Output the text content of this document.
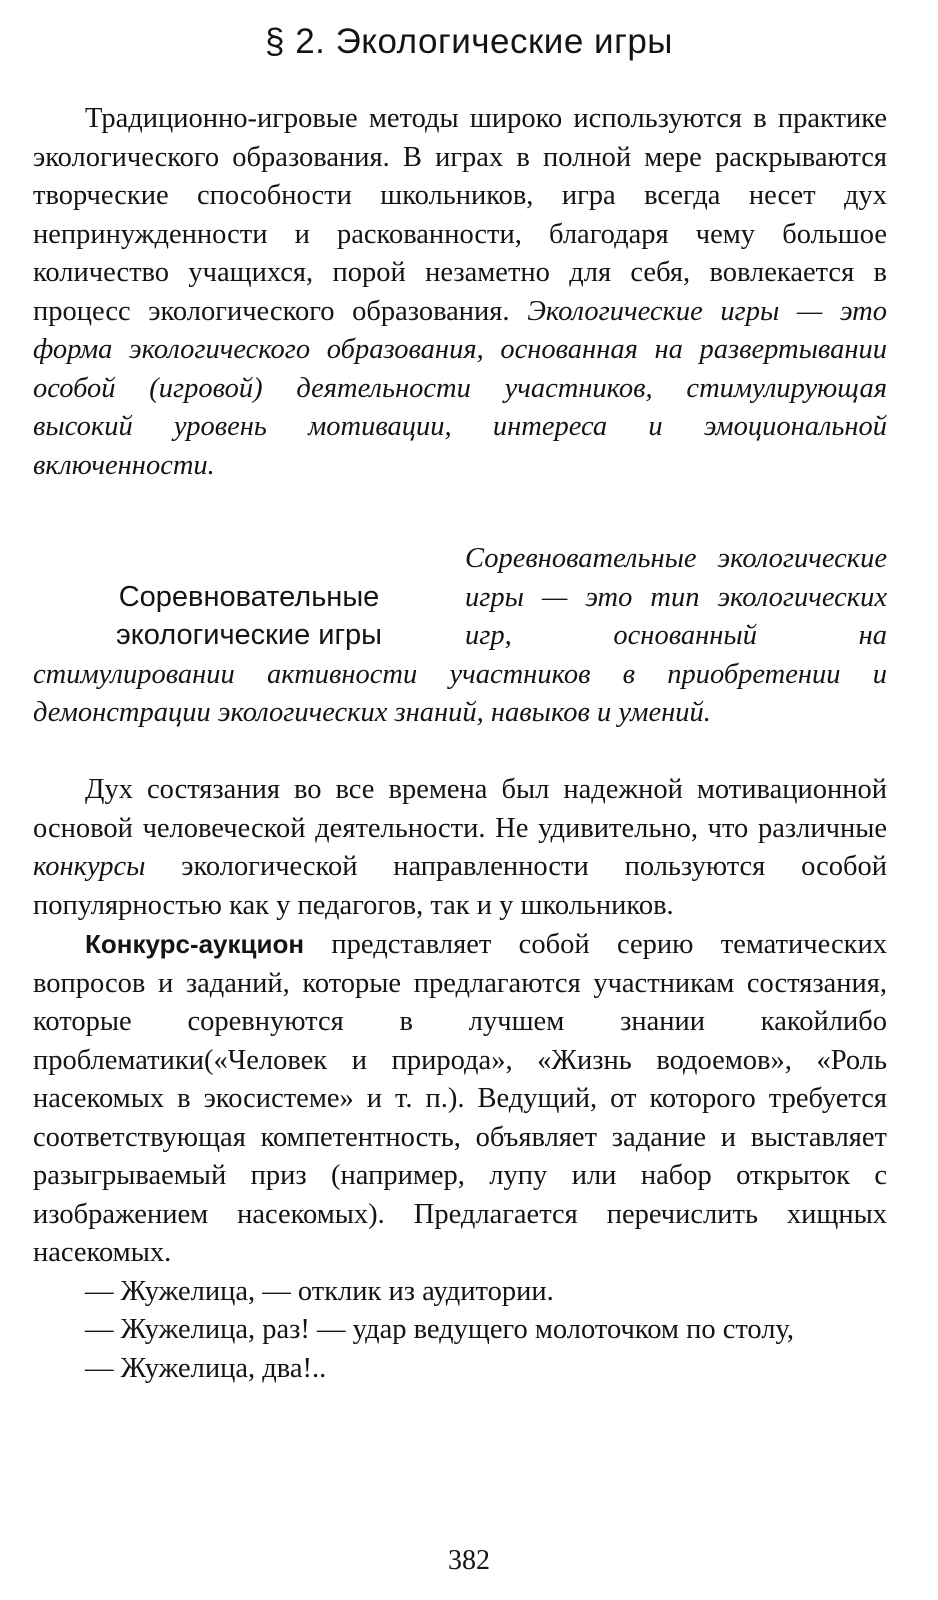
§ 2. Экологические игры

Традиционно-игровые методы широко используются в практике экологического образования. В играх в полной мере раскрываются творческие способности школьников, игра всегда несет дух непринужденности и раскованности, благодаря чему большое количество учащихся, порой незаметно для себя, вовлекается в процесс экологического образования. Экологические игры — это форма экологического образования, основанная на развертывании особой (игровой) деятельности участников, стимулирующая высокий уровень мотивации, интереса и эмоциональной включенности.

Соревновательные
экологические игры
Соревновательные экологические игры — это тип экологических игр, основанный на стимулировании активности участников в приобретении и демонстрации экологических знаний, навыков и умений.

Дух состязания во все времена был надежной мотивационной основой человеческой деятельности. Не удивительно, что различные конкурсы экологической направленности пользуются особой популярностью как у педагогов, так и у школьников.

Конкурс-аукцион представляет собой серию тематических вопросов и заданий, которые предлагаются участникам состязания, которые соревнуются в лучшем знании какойлибо проблематики(«Человек и природа», «Жизнь водоемов», «Роль насекомых в экосистеме» и т. п.). Ведущий, от которого требуется соответствующая компетентность, объявляет задание и выставляет разыгрываемый приз (например, лупу или набор открыток с изображением насекомых). Предлагается перечислить хищных насекомых.

— Жужелица, — отклик из аудитории.

— Жужелица, раз! — удар ведущего молоточком по столу,

— Жужелица, два!..

382
